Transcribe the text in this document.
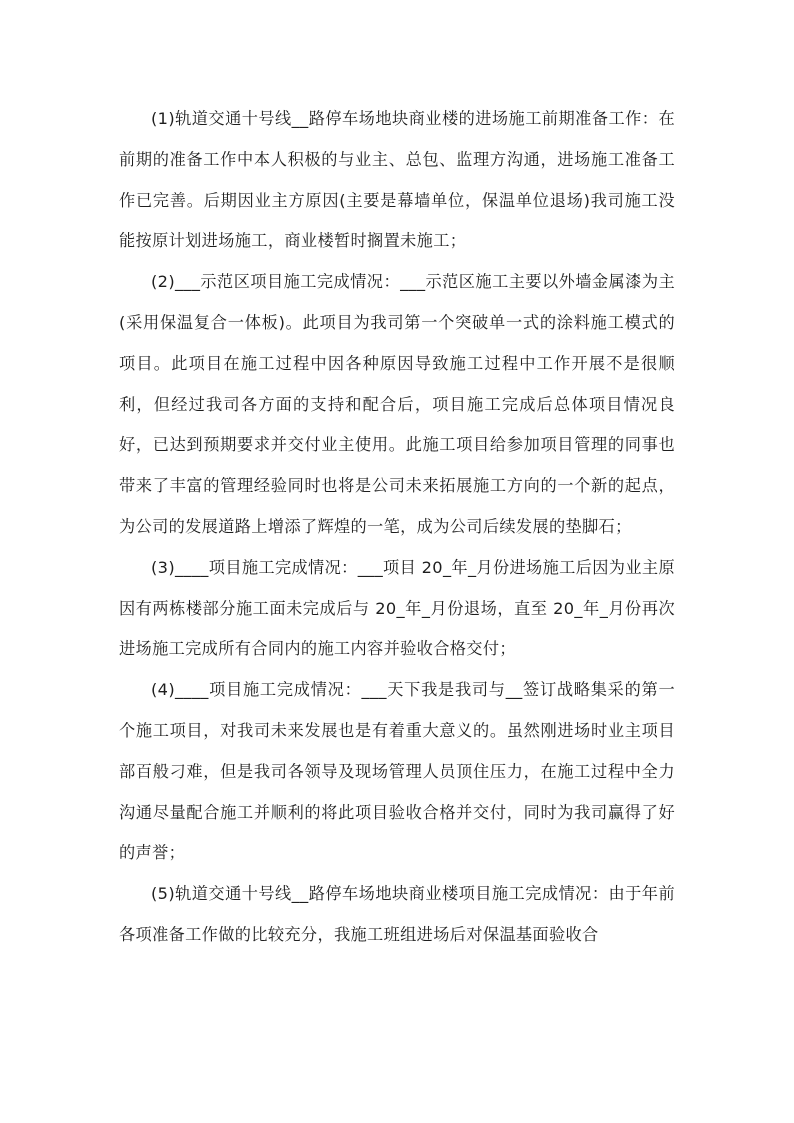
(1)轨道交通十号线__路停车场地块商业楼的进场施工前期准备工作：在前期的准备工作中本人积极的与业主、总包、监理方沟通，进场施工准备工作已完善。后期因业主方原因(主要是幕墙单位，保温单位退场)我司施工没能按原计划进场施工，商业楼暂时搁置未施工；

(2)___示范区项目施工完成情况：___示范区施工主要以外墙金属漆为主(采用保温复合一体板)。此项目为我司第一个突破单一式的涂料施工模式的项目。此项目在施工过程中因各种原因导致施工过程中工作开展不是很顺利，但经过我司各方面的支持和配合后，项目施工完成后总体项目情况良好，已达到预期要求并交付业主使用。此施工项目给参加项目管理的同事也带来了丰富的管理经验同时也将是公司未来拓展施工方向的一个新的起点，为公司的发展道路上增添了辉煌的一笔，成为公司后续发展的垫脚石；

(3)____项目施工完成情况：___项目 20_年_月份进场施工后因为业主原因有两栋楼部分施工面未完成后与 20_年_月份退场，直至 20_年_月份再次进场施工完成所有合同内的施工内容并验收合格交付；

(4)____项目施工完成情况：___天下我是我司与__签订战略集采的第一个施工项目，对我司未来发展也是有着重大意义的。虽然刚进场时业主项目部百般刁难，但是我司各领导及现场管理人员顶住压力，在施工过程中全力沟通尽量配合施工并顺利的将此项目验收合格并交付，同时为我司赢得了好的声誉；

(5)轨道交通十号线__路停车场地块商业楼项目施工完成情况：由于年前各项准备工作做的比较充分，我施工班组进场后对保温基面验收合
